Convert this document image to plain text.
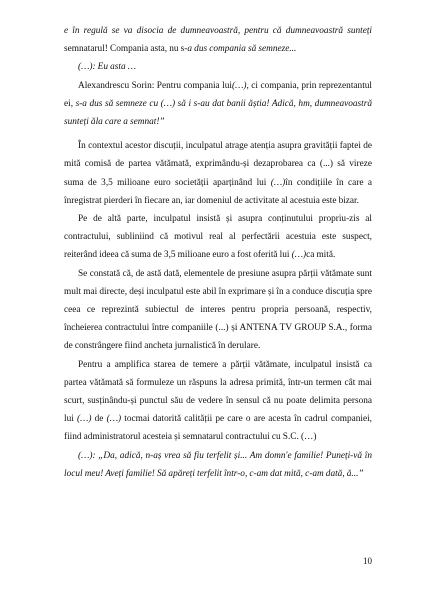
e în regulă se va disocia de dumneavoastră, pentru că dumneavoastră sunteți semnatarul! Compania asta, nu s-a dus compania să semneze...

(…): Eu asta …

Alexandrescu Sorin: Pentru compania lui(…), ci compania, prin reprezentantul ei, s-a dus să semneze cu (…) să i s-au dat banii ăștia! Adică, hm, dumneavoastră sunteți ăla care a semnat!”

În contextul acestor discuții, inculpatul atrage atenția asupra gravității faptei de mită comisă de partea vătămată, exprimându-și dezaprobarea ca (...) să vireze suma de 3,5 milioane euro societății aparținând lui (…)în condițiile în care a înregistrat pierderi în fiecare an, iar domeniul de activitate al acestuia este bizar.

Pe de altă parte, inculpatul insistă și asupra conținutului propriu-zis al contractului, subliniind că motivul real al perfectării acestuia este suspect, reiterând ideea că suma de 3,5 milioane euro a fost oferită lui (…)ca mită.

Se constată că, de astă dată, elementele de presiune asupra părții vătămate sunt mult mai directe, deși inculpatul este abil în exprimare și în a conduce discuția spre ceea ce reprezintă subiectul de interes pentru propria persoană, respectiv, încheierea contractului între companiile (...) și ANTENA TV GROUP S.A., forma de constrângere fiind ancheta jurnalistică în derulare.

Pentru a amplifica starea de temere a părții vătămate, inculpatul insistă ca partea vătămată să formuleze un răspuns la adresa primită, într-un termen cât mai scurt, susținându-și punctul său de vedere în sensul că nu poate delimita persona lui (…) de (…) tocmai datorită calității pe care o are acesta în cadrul companiei, fiind administratorul acesteia și semnatarul contractului cu S.C. (…)

(…): „Da, adică, n-aș vrea să fiu terfelit și... Am domn'e familie! Puneți-vă în locul meu! Aveți familie! Să apăreți terfelit într-o, c-am dat mită, c-am dată, ă...”

10
